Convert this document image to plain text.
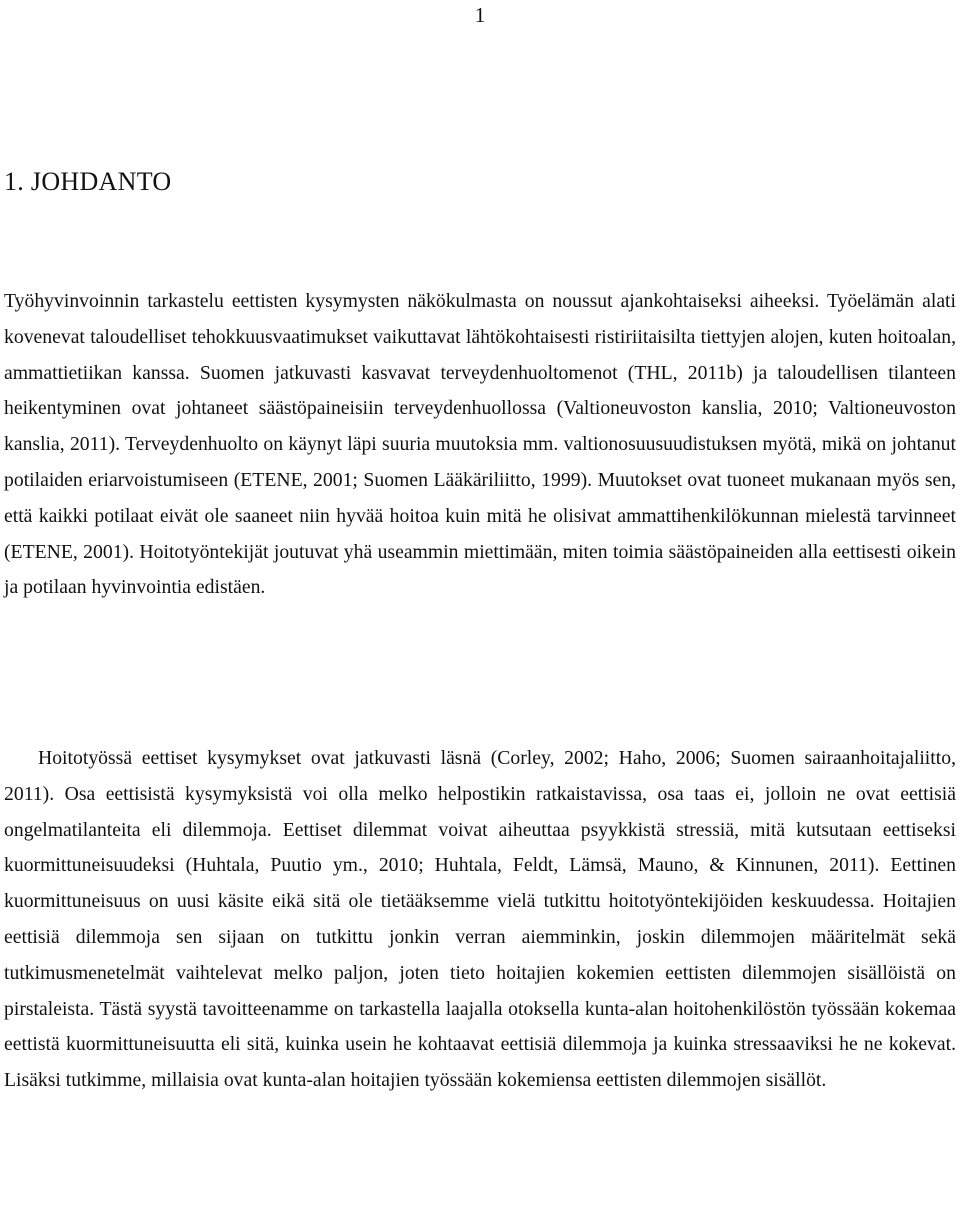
1
1. JOHDANTO

Työhyvinvoinnin tarkastelu eettisten kysymysten näkökulmasta on noussut ajankohtaiseksi aiheeksi. Työelämän alati kovenevat taloudelliset tehokkuusvaatimukset vaikuttavat lähtökohtaisesti ristiriitaisilta tiettyjen alojen, kuten hoitoalan, ammattietiikan kanssa. Suomen jatkuvasti kasvavat terveydenhuoltomenot (THL, 2011b) ja taloudellisen tilanteen heikentyminen ovat johtaneet säästöpaineisiin terveydenhuollossa (Valtioneuvoston kanslia, 2010; Valtioneuvoston kanslia, 2011). Terveydenhuolto on käynyt läpi suuria muutoksia mm. valtionosuusuudistuksen myötä, mikä on johtanut potilaiden eriarvoistumiseen (ETENE, 2001; Suomen Lääkäriliitto, 1999). Muutokset ovat tuoneet mukanaan myös sen, että kaikki potilaat eivät ole saaneet niin hyvää hoitoa kuin mitä he olisivat ammattihenkilökunnan mielestä tarvinneet (ETENE, 2001). Hoitotyöntekijät joutuvat yhä useammin miettimään, miten toimia säästöpaineiden alla eettisesti oikein ja potilaan hyvinvointia edistäen.

Hoitotyössä eettiset kysymykset ovat jatkuvasti läsnä (Corley, 2002; Haho, 2006; Suomen sairaanhoitajaliitto, 2011). Osa eettisistä kysymyksistä voi olla melko helpostikin ratkaistavissa, osa taas ei, jolloin ne ovat eettisiä ongelmatilanteita eli dilemmoja. Eettiset dilemmat voivat aiheuttaa psyykkistä stressiä, mitä kutsutaan eettiseksi kuormittuneisuudeksi (Huhtala, Puutio ym., 2010; Huhtala, Feldt, Lämsä, Mauno, & Kinnunen, 2011). Eettinen kuormittuneisuus on uusi käsite eikä sitä ole tietääksemme vielä tutkittu hoitotyöntekijöiden keskuudessa. Hoitajien eettisiä dilemmoja sen sijaan on tutkittu jonkin verran aiemminkin, joskin dilemmojen määritelmät sekä tutkimusmenetelmät vaihtelevat melko paljon, joten tieto hoitajien kokemien eettisten dilemmojen sisällöistä on pirstaleista. Tästä syystä tavoitteenamme on tarkastella laajalla otoksella kunta-alan hoitohenkilöstön työssään kokemaa eettistä kuormittuneisuutta eli sitä, kuinka usein he kohtaavat eettisiä dilemmoja ja kuinka stressaaviksi he ne kokevat. Lisäksi tutkimme, millaisia ovat kunta-alan hoitajien työssään kokemiensa eettisten dilemmojen sisällöt.
